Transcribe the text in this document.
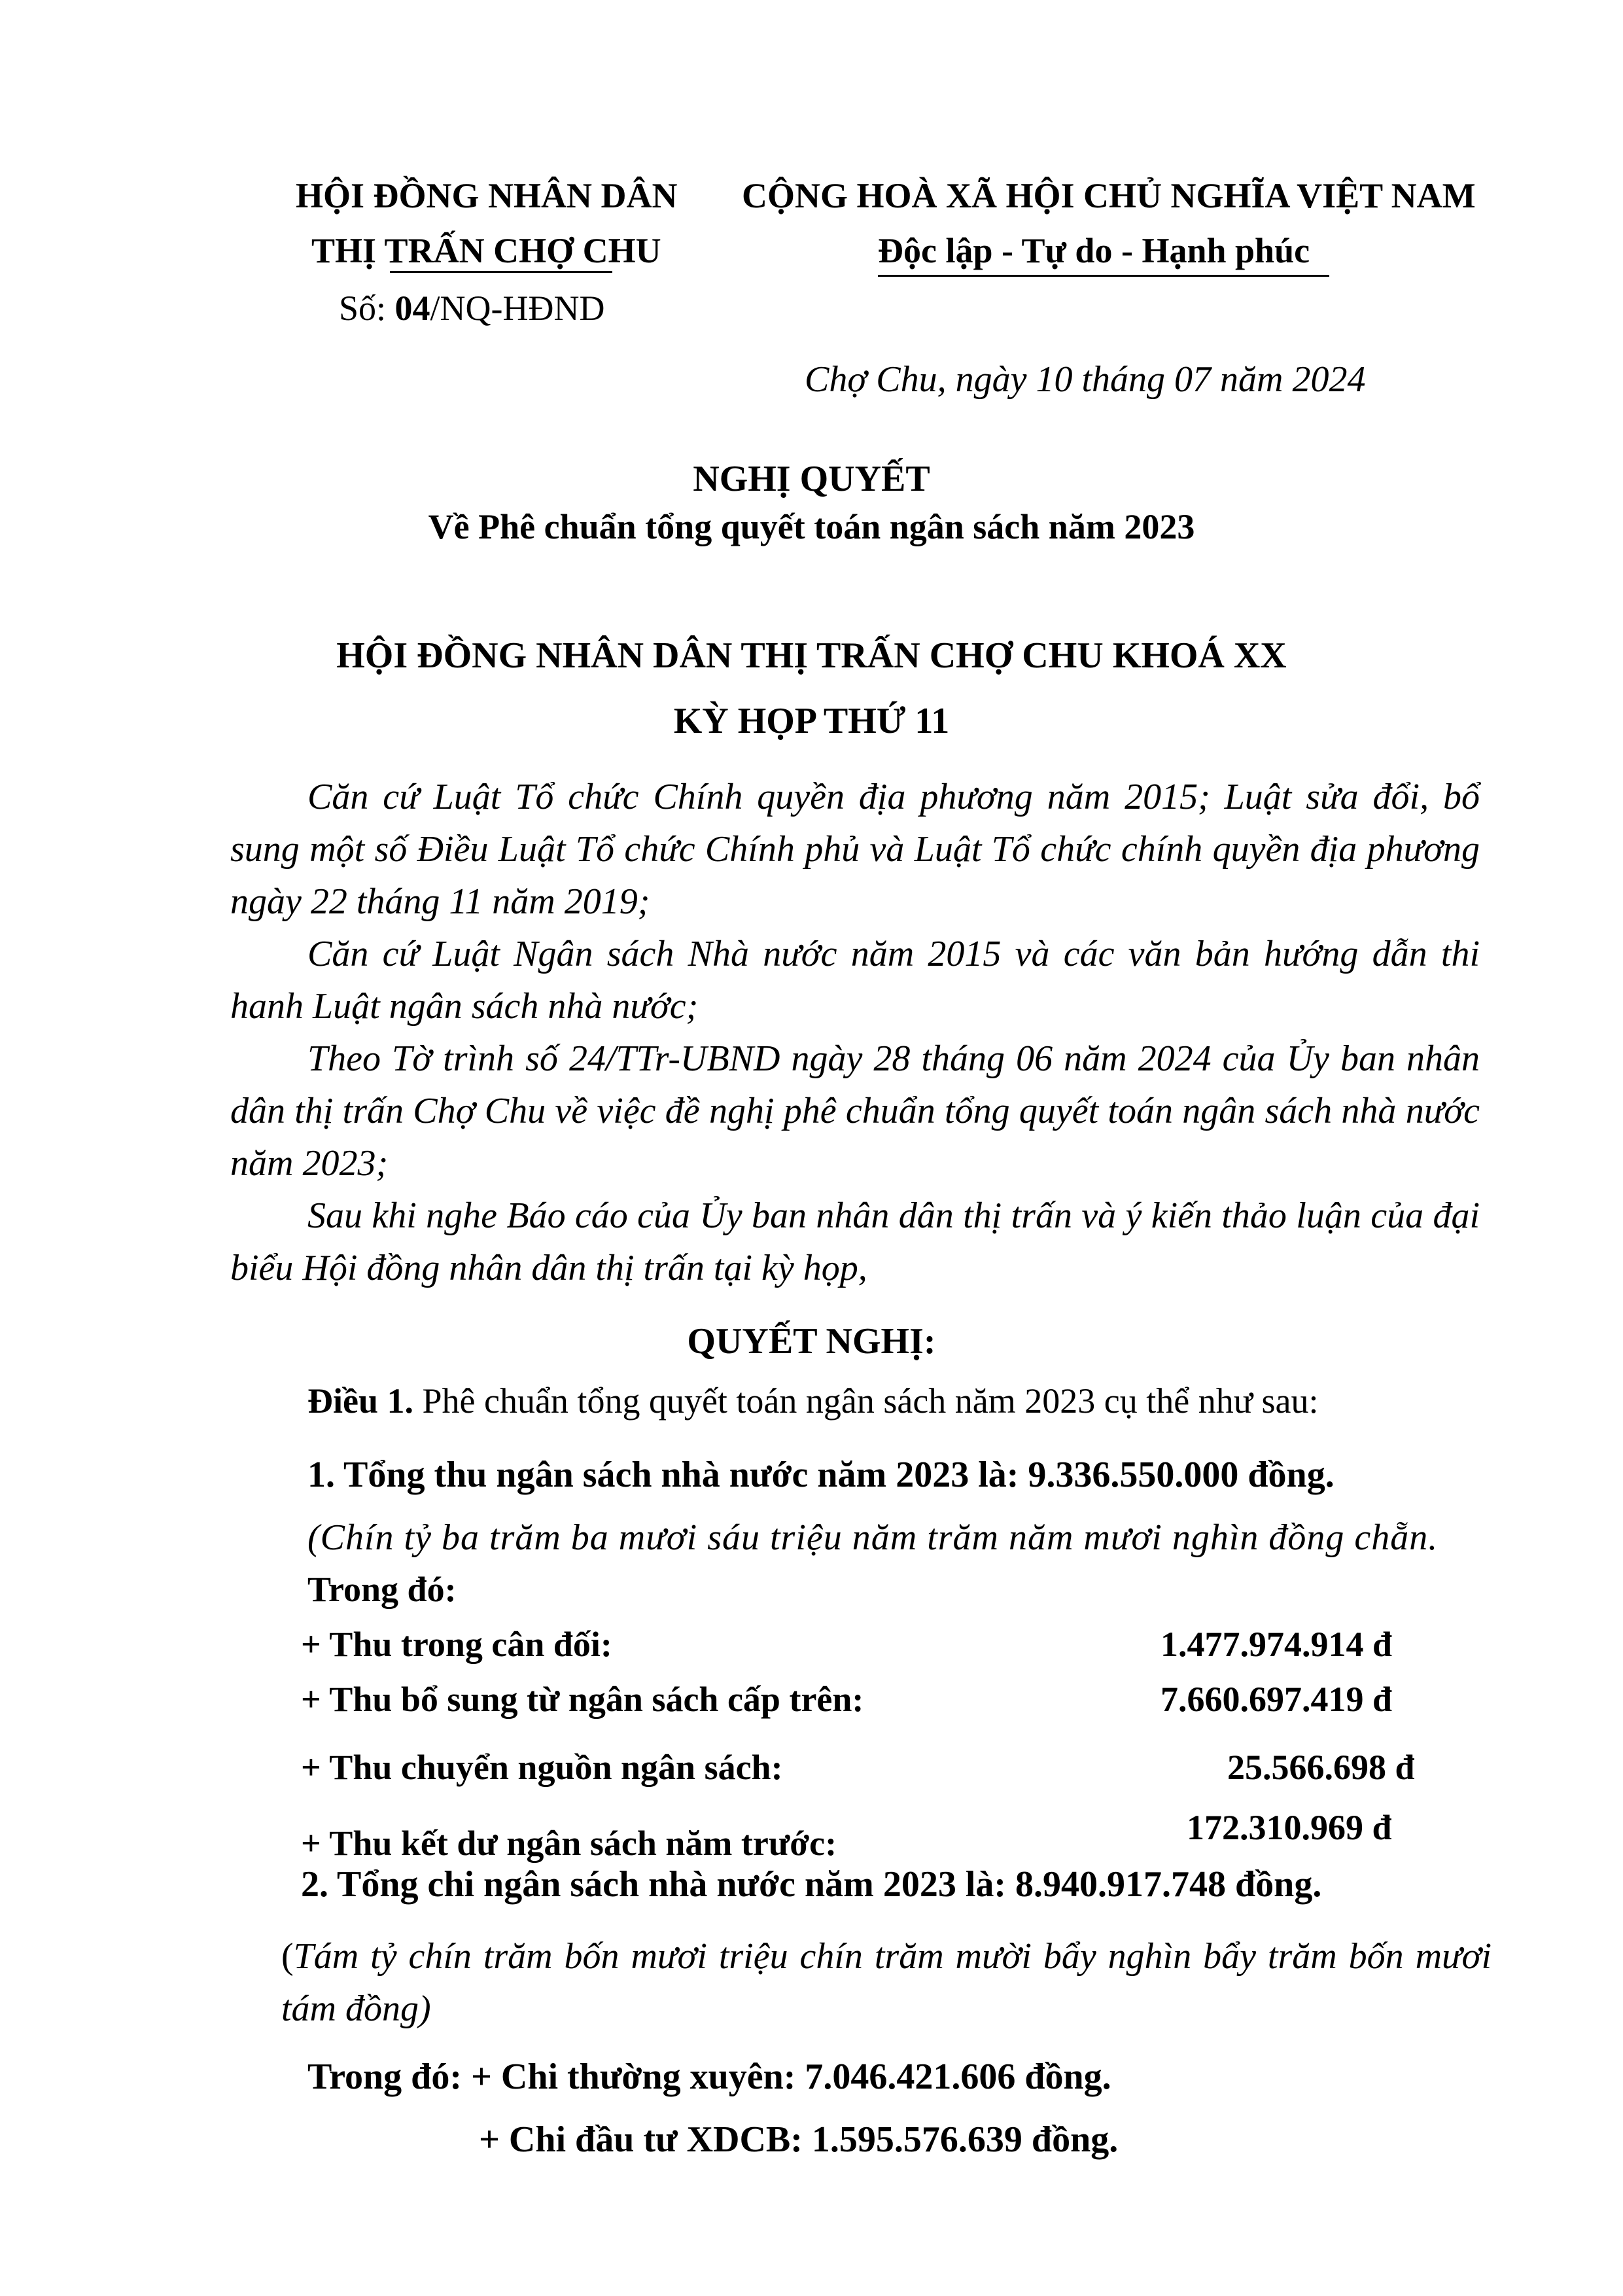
HỘI ĐỒNG NHÂN DÂN
THỊ TRẤN CHỢ CHU
Số: 04/NQ-HĐND
CỘNG HOÀ XÃ HỘI CHỦ NGHĨA VIỆT NAM
Độc lập - Tự do - Hạnh phúc
Chợ Chu, ngày 10 tháng 07 năm 2024
NGHỊ QUYẾT
Về Phê chuẩn tổng quyết toán ngân sách năm 2023
HỘI ĐỒNG NHÂN DÂN THỊ TRẤN CHỢ CHU KHOÁ XX
KỲ HỌP THỨ 11
Căn cứ Luật Tổ chức Chính quyền địa phương năm 2015; Luật sửa đổi, bổ sung một số Điều Luật Tổ chức Chính phủ và Luật Tổ chức chính quyền địa phương ngày 22 tháng 11 năm 2019;
Căn cứ Luật Ngân sách Nhà nước năm 2015 và các văn bản hướng dẫn thi hanh Luật ngân sách nhà nước;
Theo Tờ trình số 24/TTr-UBND ngày 28 tháng 06 năm 2024 của Ủy ban nhân dân thị trấn Chợ Chu về việc đề nghị phê chuẩn tổng quyết toán ngân sách nhà nước năm 2023;
Sau khi nghe Báo cáo của Ủy ban nhân dân thị trấn và ý kiến thảo luận của đại biểu Hội đồng nhân dân thị trấn tại kỳ họp,
QUYẾT NGHỊ:
Điều 1. Phê chuẩn tổng quyết toán ngân sách năm 2023 cụ thể như sau:
1. Tổng thu ngân sách nhà nước năm 2023 là: 9.336.550.000 đồng.
(Chín tỷ ba trăm ba mươi sáu triệu năm trăm năm mươi nghìn đồng chẵn.
Trong đó:
+ Thu trong cân đối:	1.477.974.914 đ
+ Thu bổ sung từ ngân sách cấp trên:	7.660.697.419 đ
+ Thu chuyển nguồn ngân sách:	25.566.698 đ
+ Thu kết dư ngân sách năm trước:	172.310.969 đ
2. Tổng chi ngân sách nhà nước năm 2023 là: 8.940.917.748 đồng.
(Tám tỷ chín trăm bốn mươi triệu chín trăm mười bẩy nghìn bẩy trăm bốn mươi tám đồng)
Trong đó: + Chi thường xuyên: 7.046.421.606 đồng.
+ Chi đầu tư XDCB: 1.595.576.639 đồng.
